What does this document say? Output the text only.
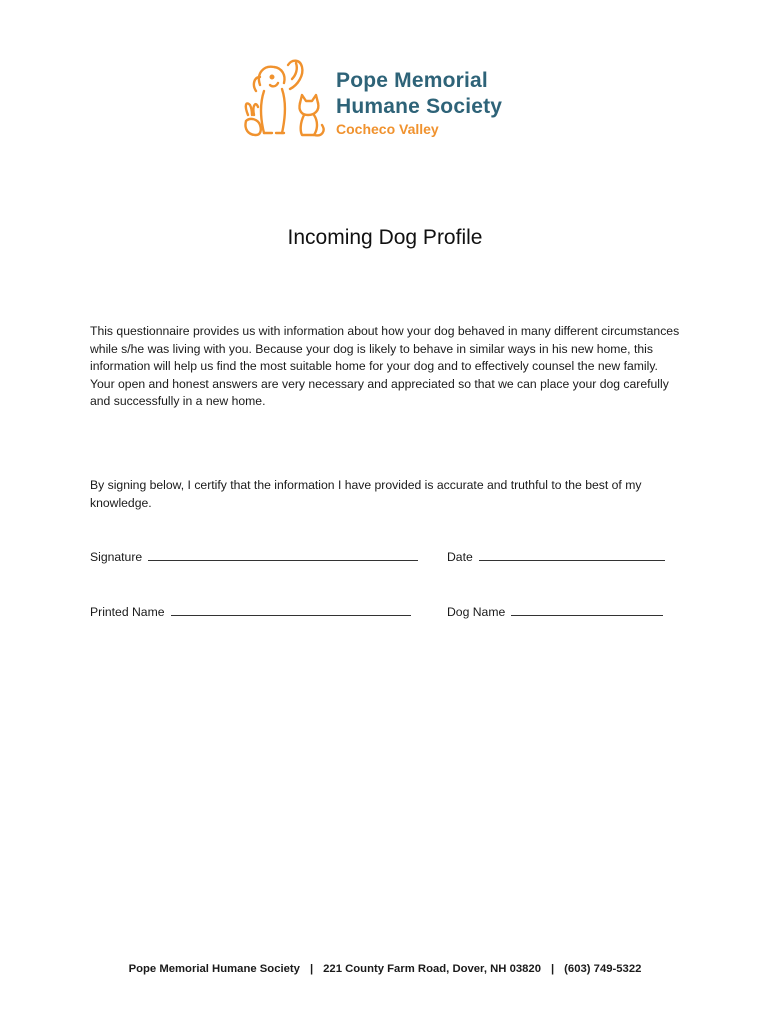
Pope Memorial
Humane Society
Cocheco Valley
Incoming Dog Profile

This questionnaire provides us with information about how your dog behaved in many different circumstances while s/he was living with you. Because your dog is likely to behave in similar ways in his new home, this information will help us find the most suitable home for your dog and to effectively counsel the new family. Your open and honest answers are very necessary and appreciated so that we can place your dog carefully and successfully in a new home.

By signing below, I certify that the information I have provided is accurate and truthful to the best of my knowledge.

Signature	Date
Printed Name	Dog Name
Pope Memorial Humane Society | 221 County Farm Road, Dover, NH 03820 | (603) 749-5322
